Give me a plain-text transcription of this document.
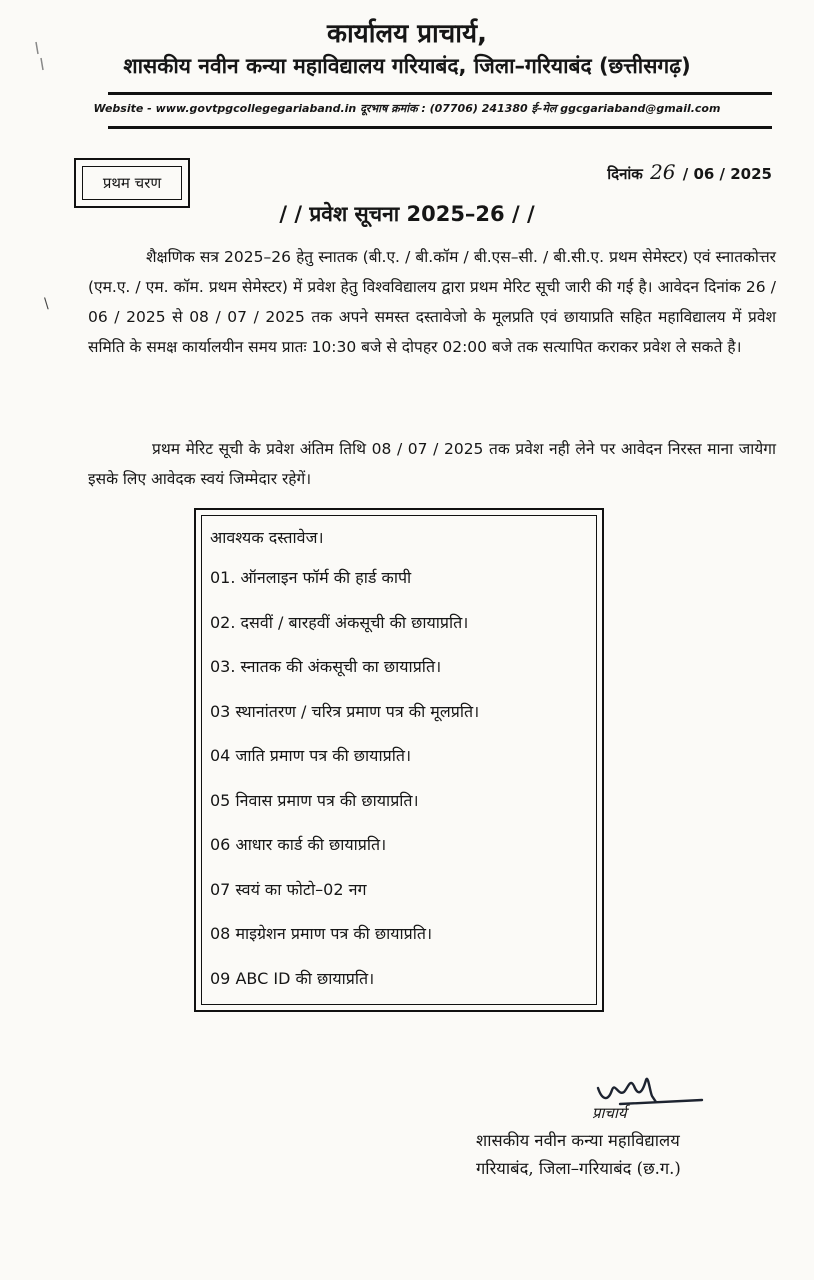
कार्यालय प्राचार्य,
शासकीय नवीन कन्या महाविद्यालय गरियाबंद, जिला–गरियाबंद (छत्तीसगढ़)
Website - www.govtpgcollegegariaband.in दूरभाष क्रमांक : (07706) 241380 ई–मेल ggcgariaband@gmail.com
प्रथम चरण	दिनांक 26 / 06 / 2025
/ / प्रवेश सूचना 2025–26 / /
\

शैक्षणिक सत्र 2025–26 हेतु स्नातक (बी.ए. / बी.कॉम / बी.एस–सी. / बी.सी.ए. प्रथम सेमेस्टर) एवं स्नातकोत्तर (एम.ए. / एम. कॉम. प्रथम सेमेस्टर) में प्रवेश हेतु विश्वविद्यालय द्वारा प्रथम मेरिट सूची जारी की गई है। आवेदन दिनांक 26 / 06 / 2025 से 08 / 07 / 2025 तक अपने समस्त दस्तावेजो के मूलप्रति एवं छायाप्रति सहित महाविद्यालय में प्रवेश समिति के समक्ष कार्यालयीन समय प्रातः 10:30 बजे से दोपहर 02:00 बजे तक सत्यापित कराकर प्रवेश ले सकते है।

प्रथम मेरिट सूची के प्रवेश अंतिम तिथि 08 / 07 / 2025 तक प्रवेश नही लेने पर आवेदन निरस्त माना जायेगा इसके लिए आवेदक स्वयं जिम्मेदार रहेगें।

आवश्यक दस्तावेज।
01. ऑनलाइन फॉर्म की हार्ड कापी
02. दसवीं / बारहवीं अंकसूची की छायाप्रति।
03. स्नातक की अंकसूची का छायाप्रति।
03 स्थानांतरण / चरित्र प्रमाण पत्र की मूलप्रति।
04 जाति प्रमाण पत्र की छायाप्रति।
05 निवास प्रमाण पत्र की छायाप्रति।
06 आधार कार्ड की छायाप्रति।
07 स्वयं का फोटो–02 नग
08 माइग्रेशन प्रमाण पत्र की छायाप्रति।
09 ABC ID की छायाप्रति।
प्राचार्य
शासकीय नवीन कन्या महाविद्यालय
गरियाबंद, जिला–गरियाबंद (छ.ग.)
